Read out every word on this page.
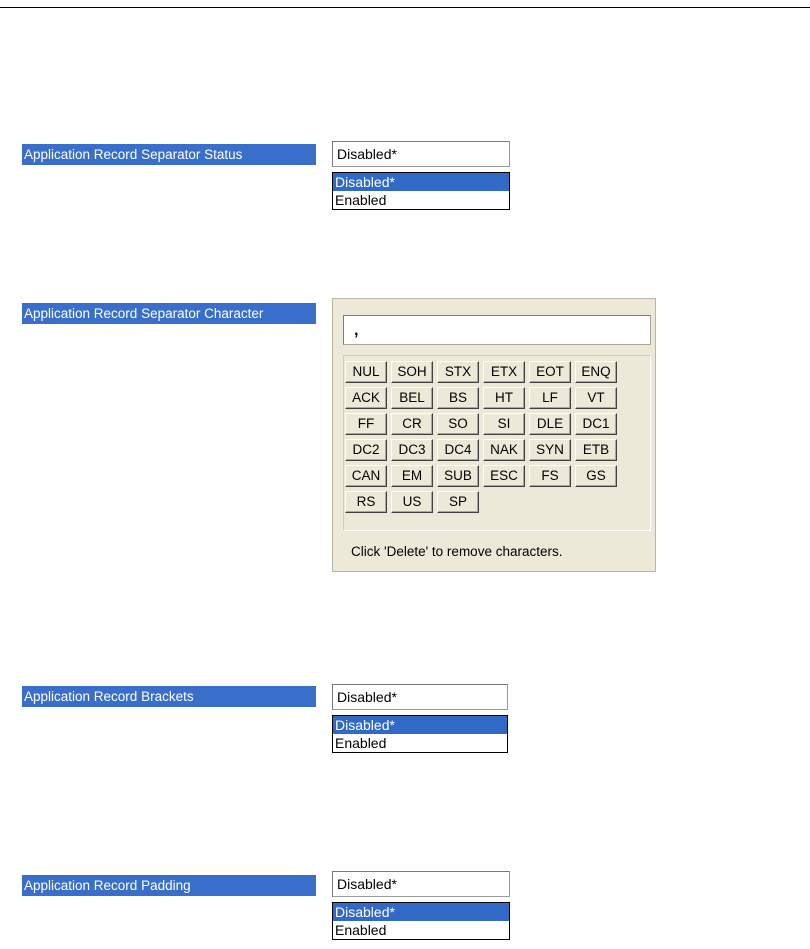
Application Record Separator Status	Disabled*
Disabled*
Enabled
Application Record Separator Character
,
NUL	SOH	STX	ETX	EOT	ENQ
ACK	BEL	BS	HT	LF	VT
FF	CR	SO	SI	DLE	DC1
DC2	DC3	DC4	NAK	SYN	ETB
CAN	EM	SUB	ESC	FS	GS
RS	US	SP
Click 'Delete' to remove characters.
Application Record Brackets	Disabled*
Disabled*
Enabled
Application Record Padding	Disabled*
Disabled*
Enabled
